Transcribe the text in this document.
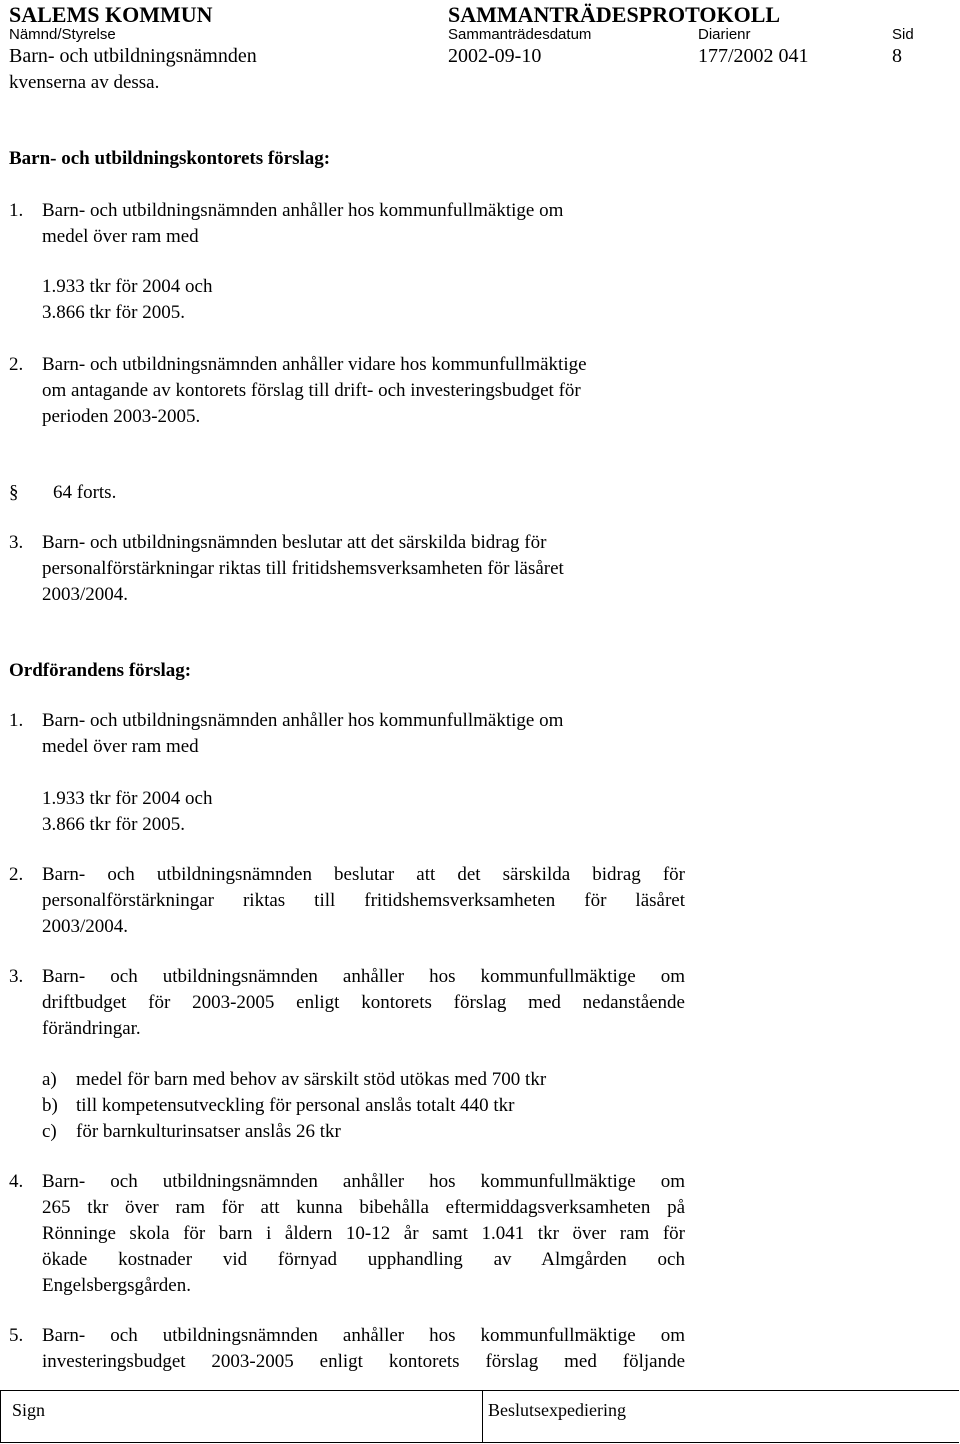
SALEMS KOMMUN	SAMMANTRÄDESPROTOKOLL
Nämnd/Styrelse	Sammanträdesdatum	Diarienr	Sid
Barn- och utbildningsnämnden	2002-09-10	177/2002 041	8
kvenserna av dessa.
Barn- och utbildningskontorets förslag:
1. Barn- och utbildningsnämnden anhåller hos kommunfullmäktige om
medel över ram med
1.933 tkr för 2004 och
3.866 tkr för 2005.
2. Barn- och utbildningsnämnden anhåller vidare hos kommunfullmäktige
om antagande av kontorets förslag till drift- och investeringsbudget för
perioden 2003-2005.
§ 64 forts.
3. Barn- och utbildningsnämnden beslutar att det särskilda bidrag för
personalförstärkningar riktas till fritidshemsverksamheten för läsåret
2003/2004.
Ordförandens förslag:
1. Barn- och utbildningsnämnden anhåller hos kommunfullmäktige om
medel över ram med
1.933 tkr för 2004 och
3.866 tkr för 2005.
2. Barn- och utbildningsnämnden beslutar att det särskilda bidrag för
personalförstärkningar riktas till fritidshemsverksamheten för läsåret
2003/2004.
3. Barn- och utbildningsnämnden anhåller hos kommunfullmäktige om
driftbudget för 2003-2005 enligt kontorets förslag med nedanstående
förändringar.
a) medel för barn med behov av särskilt stöd utökas med 700 tkr
b) till kompetensutveckling för personal anslås totalt 440 tkr
c) för barnkulturinsatser anslås 26 tkr
4. Barn- och utbildningsnämnden anhåller hos kommunfullmäktige om
265 tkr över ram för att kunna bibehålla eftermiddagsverksamheten på
Rönninge skola för barn i åldern 10-12 år samt 1.041 tkr över ram för
ökade kostnader vid förnyad upphandling av Almgården och
Engelsbergsgården.
5. Barn- och utbildningsnämnden anhåller hos kommunfullmäktige om
investeringsbudget 2003-2005 enligt kontorets förslag med följande
Sign	Beslutsexpediering
